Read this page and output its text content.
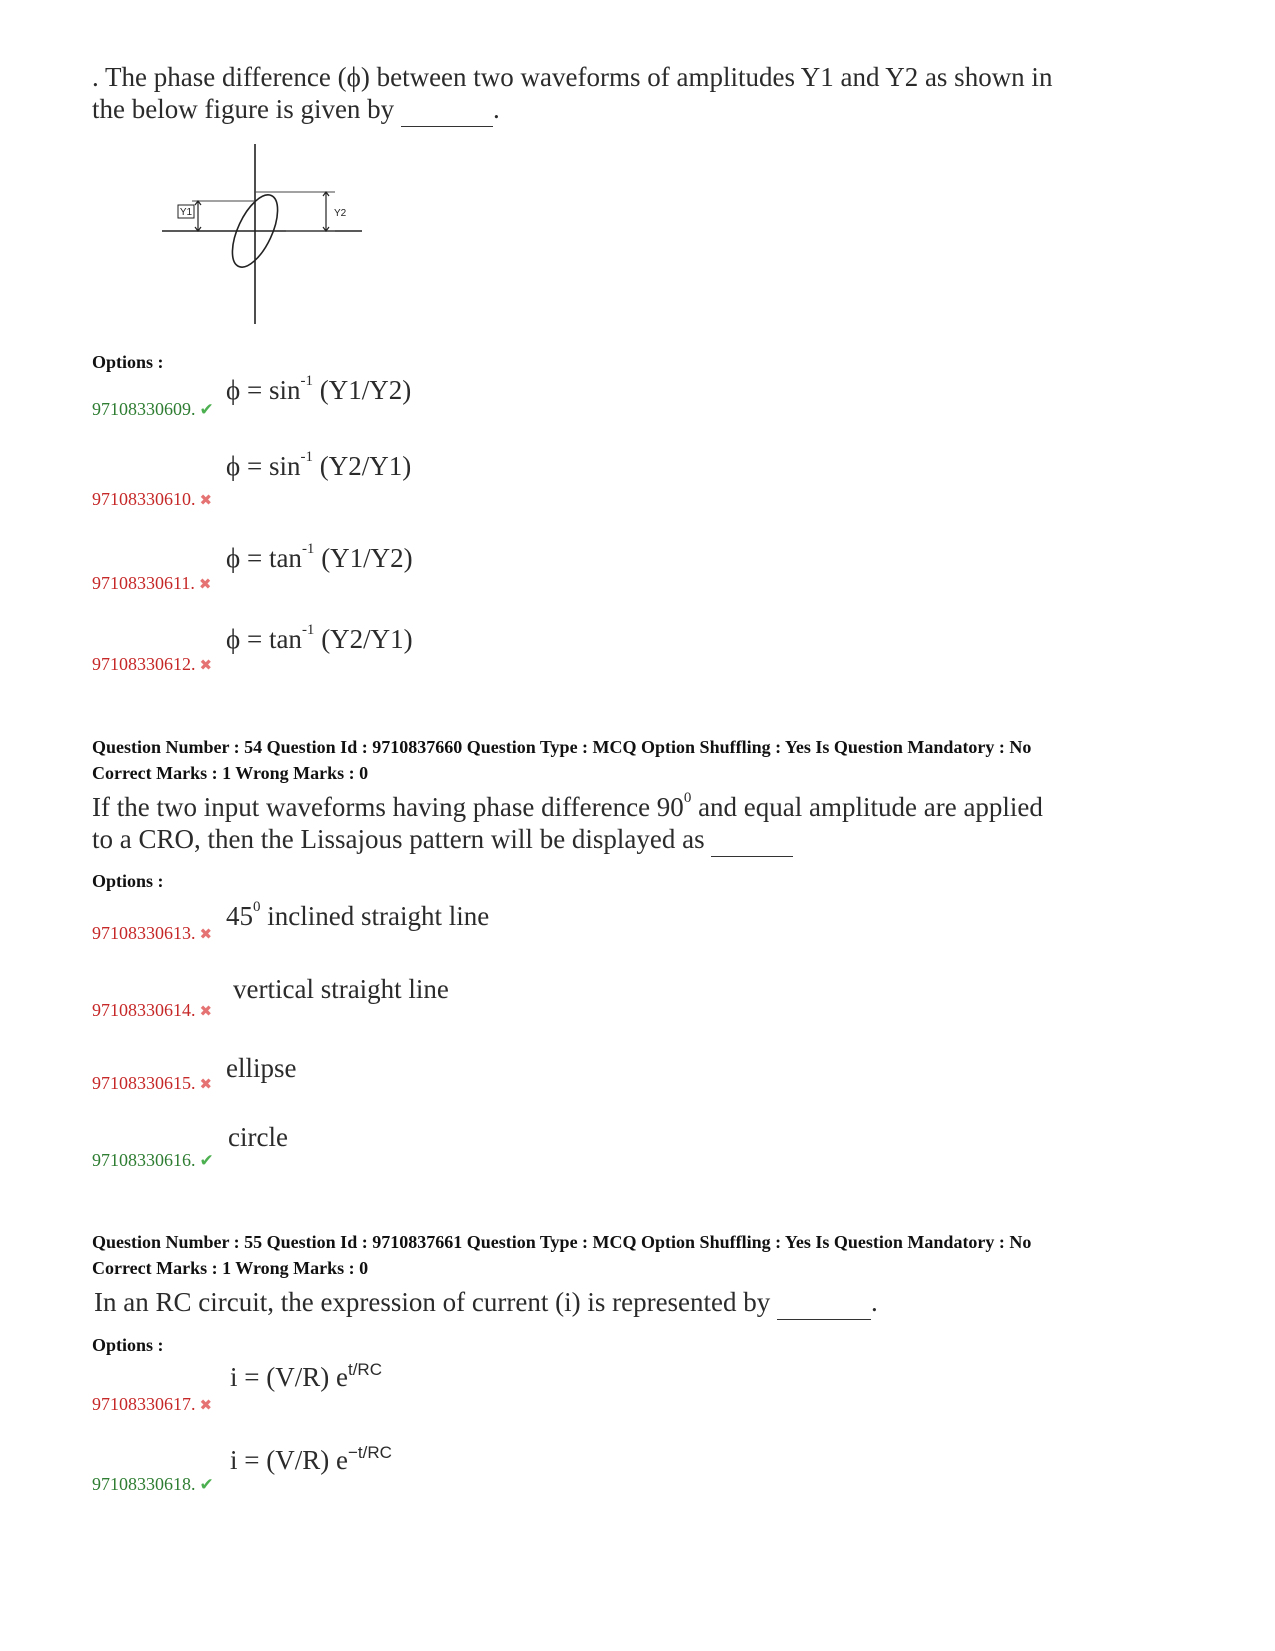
. The phase difference (ϕ) between two waveforms of amplitudes Y1 and Y2 as shown in
the below figure is given by	.
Y1	Y2
Options :
97108330609. ✔
$\phi = \sin^{-1} (Y1/Y2)$
97108330610. ✖
$\phi = \sin^{-1} (Y2/Y1)$
97108330611. ✖
$\phi = \tan^{-1} (Y1/Y2)$
97108330612. ✖
$\phi = \tan^{-1} (Y2/Y1)$
Question Number : 54 Question Id : 9710837660 Question Type : MCQ Option Shuffling : Yes Is Question Mandatory : No
Correct Marks : 1 Wrong Marks : 0
If the two input waveforms having phase difference $90^0$ and equal amplitude are applied
to a CRO, then the Lissajous pattern will be displayed as
Options :
97108330613. ✖
$45^0$ inclined straight line
97108330614. ✖
vertical straight line
97108330615. ✖
ellipse
97108330616. ✔
circle
Question Number : 55 Question Id : 9710837661 Question Type : MCQ Option Shuffling : Yes Is Question Mandatory : No
Correct Marks : 1 Wrong Marks : 0
In an RC circuit, the expression of current (i) is represented by	.
Options :
97108330617. ✖
i = (V/R) $e^{t/RC}$
97108330618. ✔
i = (V/R) $e^{-t/RC}$
